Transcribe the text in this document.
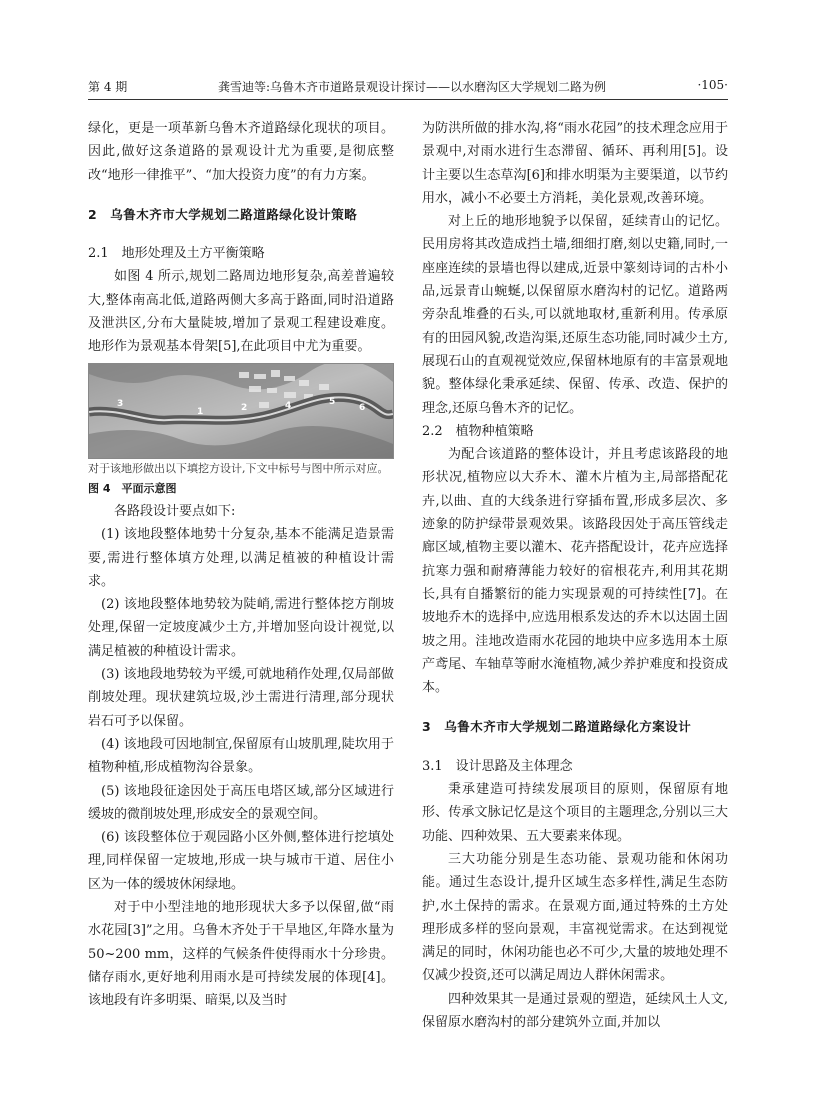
第 4 期	龚雪迪等:乌鲁木齐市道路景观设计探讨——以水磨沟区大学规划二路为例	·105·

绿化，更是一项革新乌鲁木齐道路绿化现状的项目。因此,做好这条道路的景观设计尤为重要,是彻底整改“地形一律推平”、“加大投资力度”的有力方案。

2　乌鲁木齐市大学规划二路道路绿化设计策略

2.1　地形处理及土方平衡策略

如图 4 所示,规划二路周边地形复杂,高差普遍较大,整体南高北低,道路两侧大多高于路面,同时沿道路及泄洪区,分布大量陡坡,增加了景观工程建设难度。地形作为景观基本骨架[5],在此项目中尤为重要。

3
1	2	4	5
6

对于该地形做出以下填挖方设计,下文中标号与图中所示对应。

图 4　平面示意图

各路段设计要点如下:

(1) 该地段整体地势十分复杂,基本不能满足造景需要,需进行整体填方处理,以满足植被的种植设计需求。

(2) 该地段整体地势较为陡峭,需进行整体挖方削坡处理,保留一定坡度减少土方,并增加竖向设计视觉,以满足植被的种植设计需求。

(3) 该地段地势较为平缓,可就地稍作处理,仅局部做削坡处理。现状建筑垃圾,沙土需进行清理,部分现状岩石可予以保留。

(4) 该地段可因地制宜,保留原有山坡肌理,陡坎用于植物种植,形成植物沟谷景象。

(5) 该地段征途因处于高压电塔区域,部分区域进行缓坡的微削坡处理,形成安全的景观空间。

(6) 该段整体位于观园路小区外侧,整体进行挖填处理,同样保留一定坡地,形成一块与城市干道、居住小区为一体的缓坡休闲绿地。

对于中小型洼地的地形现状大多予以保留,做“雨水花园[3]”之用。乌鲁木齐处于干旱地区,年降水量为 50~200 mm，这样的气候条件使得雨水十分珍贵。储存雨水,更好地利用雨水是可持续发展的体现[4]。该地段有许多明渠、暗渠,以及当时

为防洪所做的排水沟,将“雨水花园”的技术理念应用于景观中,对雨水进行生态滞留、循环、再利用[5]。设计主要以生态草沟[6]和排水明渠为主要渠道，以节约用水，减小不必要土方消耗，美化景观,改善环境。

对上丘的地形地貌予以保留，延续青山的记忆。民用房将其改造成挡土墙,细细打磨,刻以史籍,同时,一座座连续的景墙也得以建成,近景中篆刻诗词的古朴小品,远景青山蜿蜒,以保留原水磨沟村的记忆。道路两旁杂乱堆叠的石头,可以就地取材,重新利用。传承原有的田园风貌,改造沟渠,还原生态功能,同时减少土方,展现石山的直观视觉效应,保留林地原有的丰富景观地貌。整体绿化秉承延续、保留、传承、改造、保护的理念,还原乌鲁木齐的记忆。

2.2　植物种植策略

为配合该道路的整体设计，并且考虑该路段的地形状况,植物应以大乔木、灌木片植为主,局部搭配花卉,以曲、直的大线条进行穿插布置,形成多层次、多迹象的防护绿带景观效果。该路段因处于高压管线走廊区域,植物主要以灌木、花卉搭配设计，花卉应选择抗寒力强和耐瘠薄能力较好的宿根花卉,利用其花期长,具有自播繁衍的能力实现景观的可持续性[7]。在坡地乔木的选择中,应选用根系发达的乔木以达固土固坡之用。洼地改造雨水花园的地块中应多选用本土原产鸢尾、车轴草等耐水淹植物,减少养护难度和投资成本。

3　乌鲁木齐市大学规划二路道路绿化方案设计

3.1　设计思路及主体理念

秉承建造可持续发展项目的原则，保留原有地形、传承文脉记忆是这个项目的主题理念,分别以三大功能、四种效果、五大要素来体现。

三大功能分别是生态功能、景观功能和休闲功能。通过生态设计,提升区域生态多样性,满足生态防护,水土保持的需求。在景观方面,通过特殊的土方处理形成多样的竖向景观，丰富视觉需求。在达到视觉满足的同时，休闲功能也必不可少,大量的坡地处理不仅减少投资,还可以满足周边人群休闲需求。

四种效果其一是通过景观的塑造，延续风土人文,保留原水磨沟村的部分建筑外立面,并加以
